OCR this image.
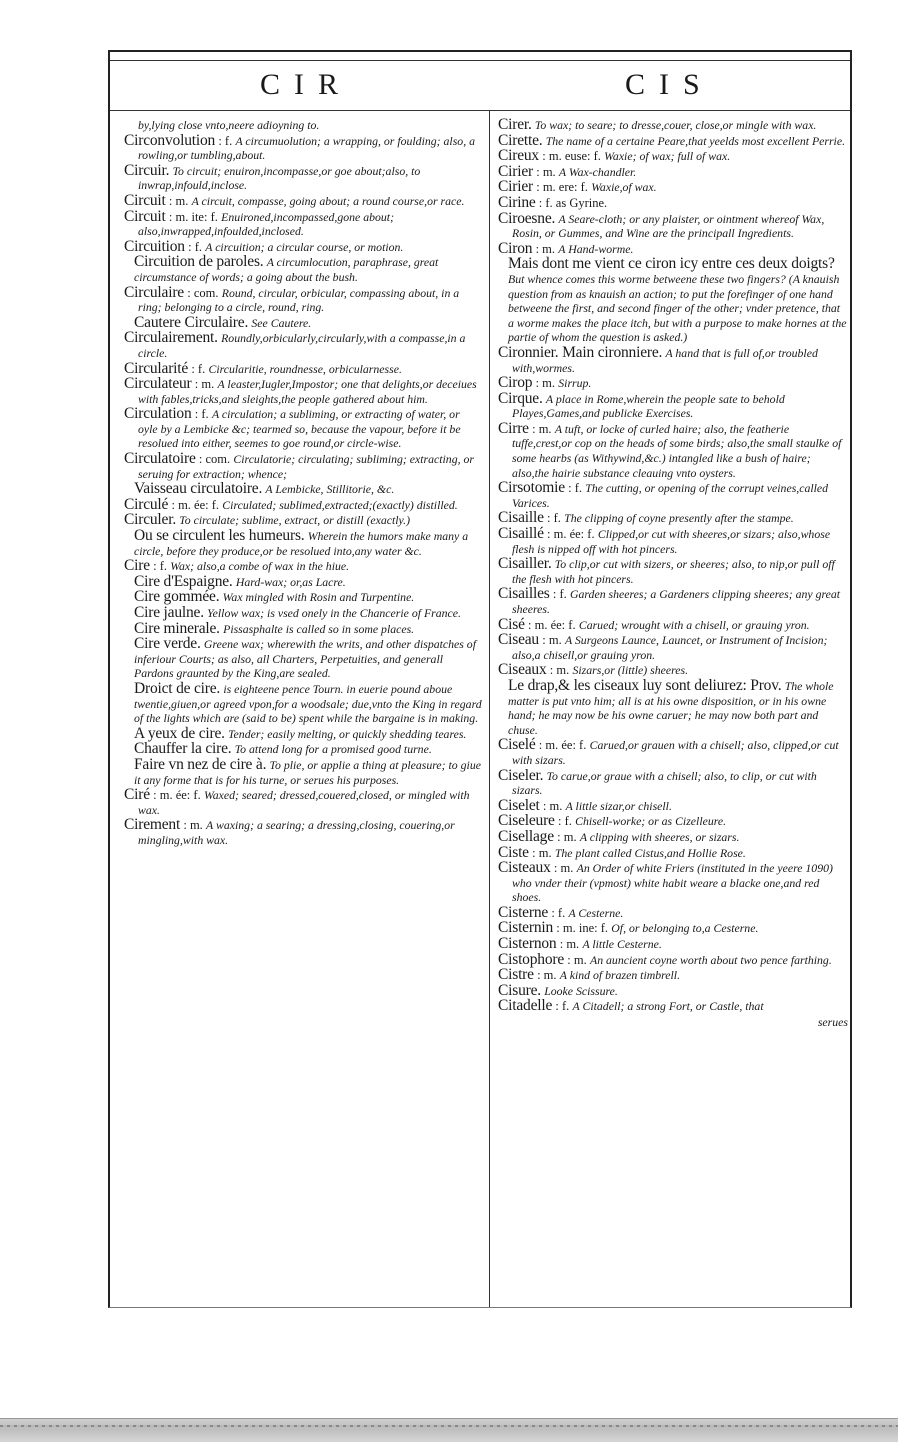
CIR	CIS
by,lying close vnto,neere adioyning to.
Circonvolution : f. A circumuolution; a wrapping, or foulding; also, a rowling,or tumbling,about.
Circuir. To circuit; enuiron,incompasse,or goe about;also, to inwrap,infould,inclose.
Circuit : m. A circuit, compasse, going about; a round course,or race.
Circuit : m. ite: f. Enuironed,incompassed,gone about; also,inwrapped,infoulded,inclosed.
Circuition : f. A circuition; a circular course, or motion.
Circuition de paroles. A circumlocution, paraphrase, great circumstance of words; a going about the bush.
Circulaire : com. Round, circular, orbicular, compassing about, in a ring; belonging to a circle, round, ring.
Cautere Circulaire. See Cautere.
Circulairement. Roundly,orbicularly,circularly,with a compasse,in a circle.
Circularité : f. Circularitie, roundnesse, orbicularnesse.
Circulateur : m. A leaster,Iugler,Impostor; one that delights,or deceiues with fables,tricks,and sleights,the people gathered about him.
Circulation : f. A circulation; a subliming, or extracting of water, or oyle by a Lembicke &c; tearmed so, because the vapour, before it be resolued into either, seemes to goe round,or circle-wise.
Circulatoire : com. Circulatorie; circulating; subliming; extracting, or seruing for extraction; whence;
Vaisseau circulatoire. A Lembicke, Stillitorie, &c.
Circulé : m. ée: f. Circulated; sublimed,extracted;(exactly) distilled.
Circuler. To circulate; sublime, extract, or distill (exactly.)
Ou se circulent les humeurs. Wherein the humors make many a circle, before they produce,or be resolued into,any water &c.
Cire : f. Wax; also,a combe of wax in the hiue.
Cire d'Espaigne. Hard-wax; or,as Lacre.
Cire gommée. Wax mingled with Rosin and Turpentine.
Cire jaulne. Yellow wax; is vsed onely in the Chancerie of France.
Cire minerale. Pissasphalte is called so in some places.
Cire verde. Greene wax; wherewith the writs, and other dispatches of inferiour Courts; as also, all Charters, Perpetuities, and generall Pardons graunted by the King,are sealed.
Droict de cire. is eighteene pence Tourn. in euerie pound aboue twentie,giuen,or agreed vpon,for a woodsale; due,vnto the King in regard of the lights which are (said to be) spent while the bargaine is in making.
A yeux de cire. Tender; easily melting, or quickly shedding teares.
Chauffer la cire. To attend long for a promised good turne.
Faire vn nez de cire à. To plie, or applie a thing at pleasure; to giue it any forme that is for his turne, or serues his purposes.
Ciré : m. ée: f. Waxed; seared; dressed,couered,closed, or mingled with wax.
Cirement : m. A waxing; a searing; a dressing,closing, couering,or mingling,with wax.
Cirer. To wax; to seare; to dresse,couer, close,or mingle with wax.
Cirette. The name of a certaine Peare,that yeelds most excellent Perrie.
Cireux : m. euse: f. Waxie; of wax; full of wax.
Cirier : m. A Wax-chandler.
Cirier : m. ere: f. Waxie,of wax.
Cirine : f. as Gyrine.
Ciroesne. A Seare-cloth; or any plaister, or ointment whereof Wax, Rosin, or Gummes, and Wine are the principall Ingredients.
Ciron : m. A Hand-worme.
Mais dont me vient ce ciron icy entre ces deux doigts? But whence comes this worme betweene these two fingers? (A knauish question from as knauish an action; to put the forefinger of one hand betweene the first, and second finger of the other; vnder pretence, that a worme makes the place itch, but with a purpose to make hornes at the partie of whom the question is asked.)
Cironnier. Main cironniere. A hand that is full of,or troubled with,wormes.
Cirop : m. Sirrup.
Cirque. A place in Rome,wherein the people sate to behold Playes,Games,and publicke Exercises.
Cirre : m. A tuft, or locke of curled haire; also, the featherie tuffe,crest,or cop on the heads of some birds; also,the small staulke of some hearbs (as Withywind,&c.) intangled like a bush of haire; also,the hairie substance cleauing vnto oysters.
Cirsotomie : f. The cutting, or opening of the corrupt veines,called Varices.
Cisaille : f. The clipping of coyne presently after the stampe.
Cisaillé : m. ée: f. Clipped,or cut with sheeres,or sizars; also,whose flesh is nipped off with hot pincers.
Cisailler. To clip,or cut with sizers, or sheeres; also, to nip,or pull off the flesh with hot pincers.
Cisailles : f. Garden sheeres; a Gardeners clipping sheeres; any great sheeres.
Cisé : m. ée: f. Carued; wrought with a chisell, or grauing yron.
Ciseau : m. A Surgeons Launce, Launcet, or Instrument of Incision; also,a chisell,or grauing yron.
Ciseaux : m. Sizars,or (little) sheeres.
Le drap,& les ciseaux luy sont deliurez: Prov. The whole matter is put vnto him; all is at his owne disposition, or in his owne hand; he may now be his owne caruer; he may now both part and chuse.
Ciselé : m. ée: f. Carued,or grauen with a chisell; also, clipped,or cut with sizars.
Ciseler. To carue,or graue with a chisell; also, to clip, or cut with sizars.
Ciselet : m. A little sizar,or chisell.
Ciseleure : f. Chisell-worke; or as Cizelleure.
Cisellage : m. A clipping with sheeres, or sizars.
Ciste : m. The plant called Cistus,and Hollie Rose.
Cisteaux : m. An Order of white Friers (instituted in the yeere 1090) who vnder their (vpmost) white habit weare a blacke one,and red shoes.
Cisterne : f. A Cesterne.
Cisternin : m. ine: f. Of, or belonging to,a Cesterne.
Cisternon : m. A little Cesterne.
Cistophore : m. An auncient coyne worth about two pence farthing.
Cistre : m. A kind of brazen timbrell.
Cisure. Looke Scissure.
Citadelle : f. A Citadell; a strong Fort, or Castle, that
serues
